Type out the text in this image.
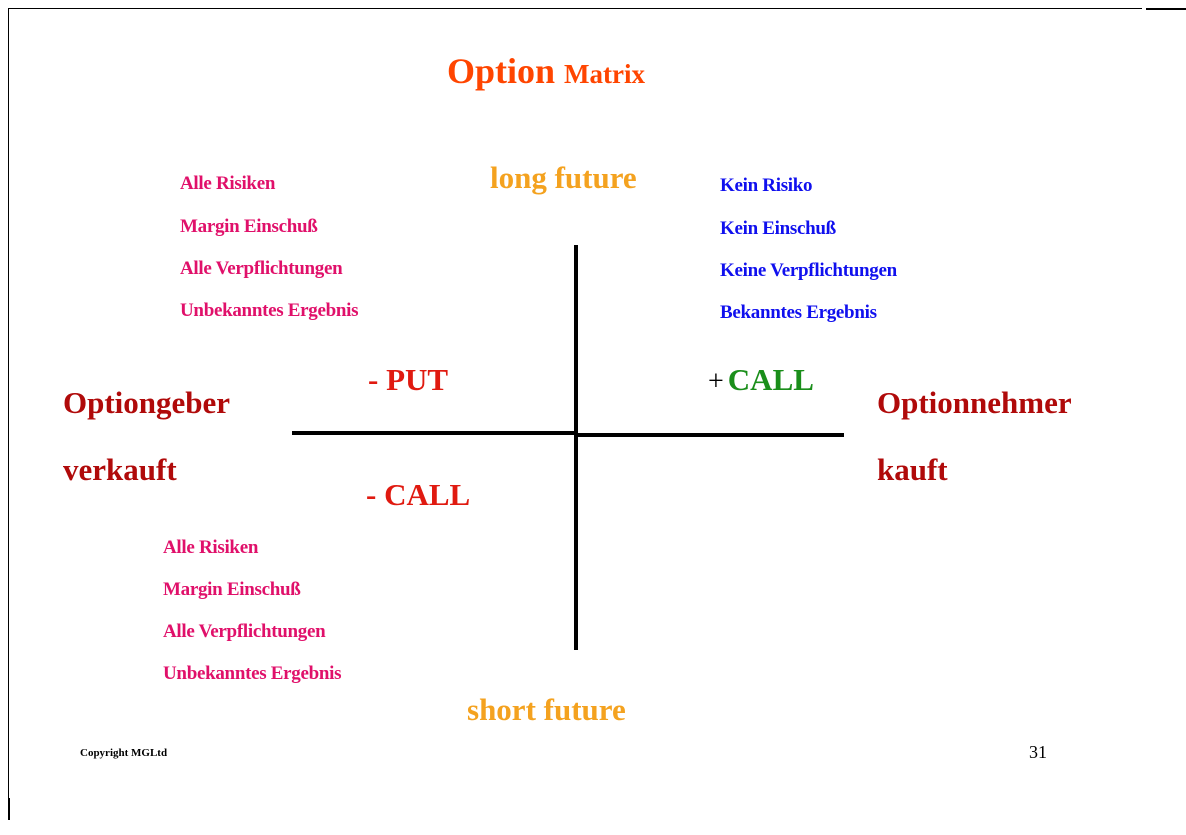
Option Matrix
long future
short future
Alle Risiken
Margin Einschuß
Alle Verpflichtungen
Unbekanntes Ergebnis
Kein Risiko
Kein Einschuß
Keine Verpflichtungen
Bekanntes Ergebnis
Alle Risiken
Margin Einschuß
Alle Verpflichtungen
Unbekanntes Ergebnis
Optiongeber
verkauft
Optionnehmer
kauft
- PUT	+ CALL
- CALL
Copyright MGLtd	31
